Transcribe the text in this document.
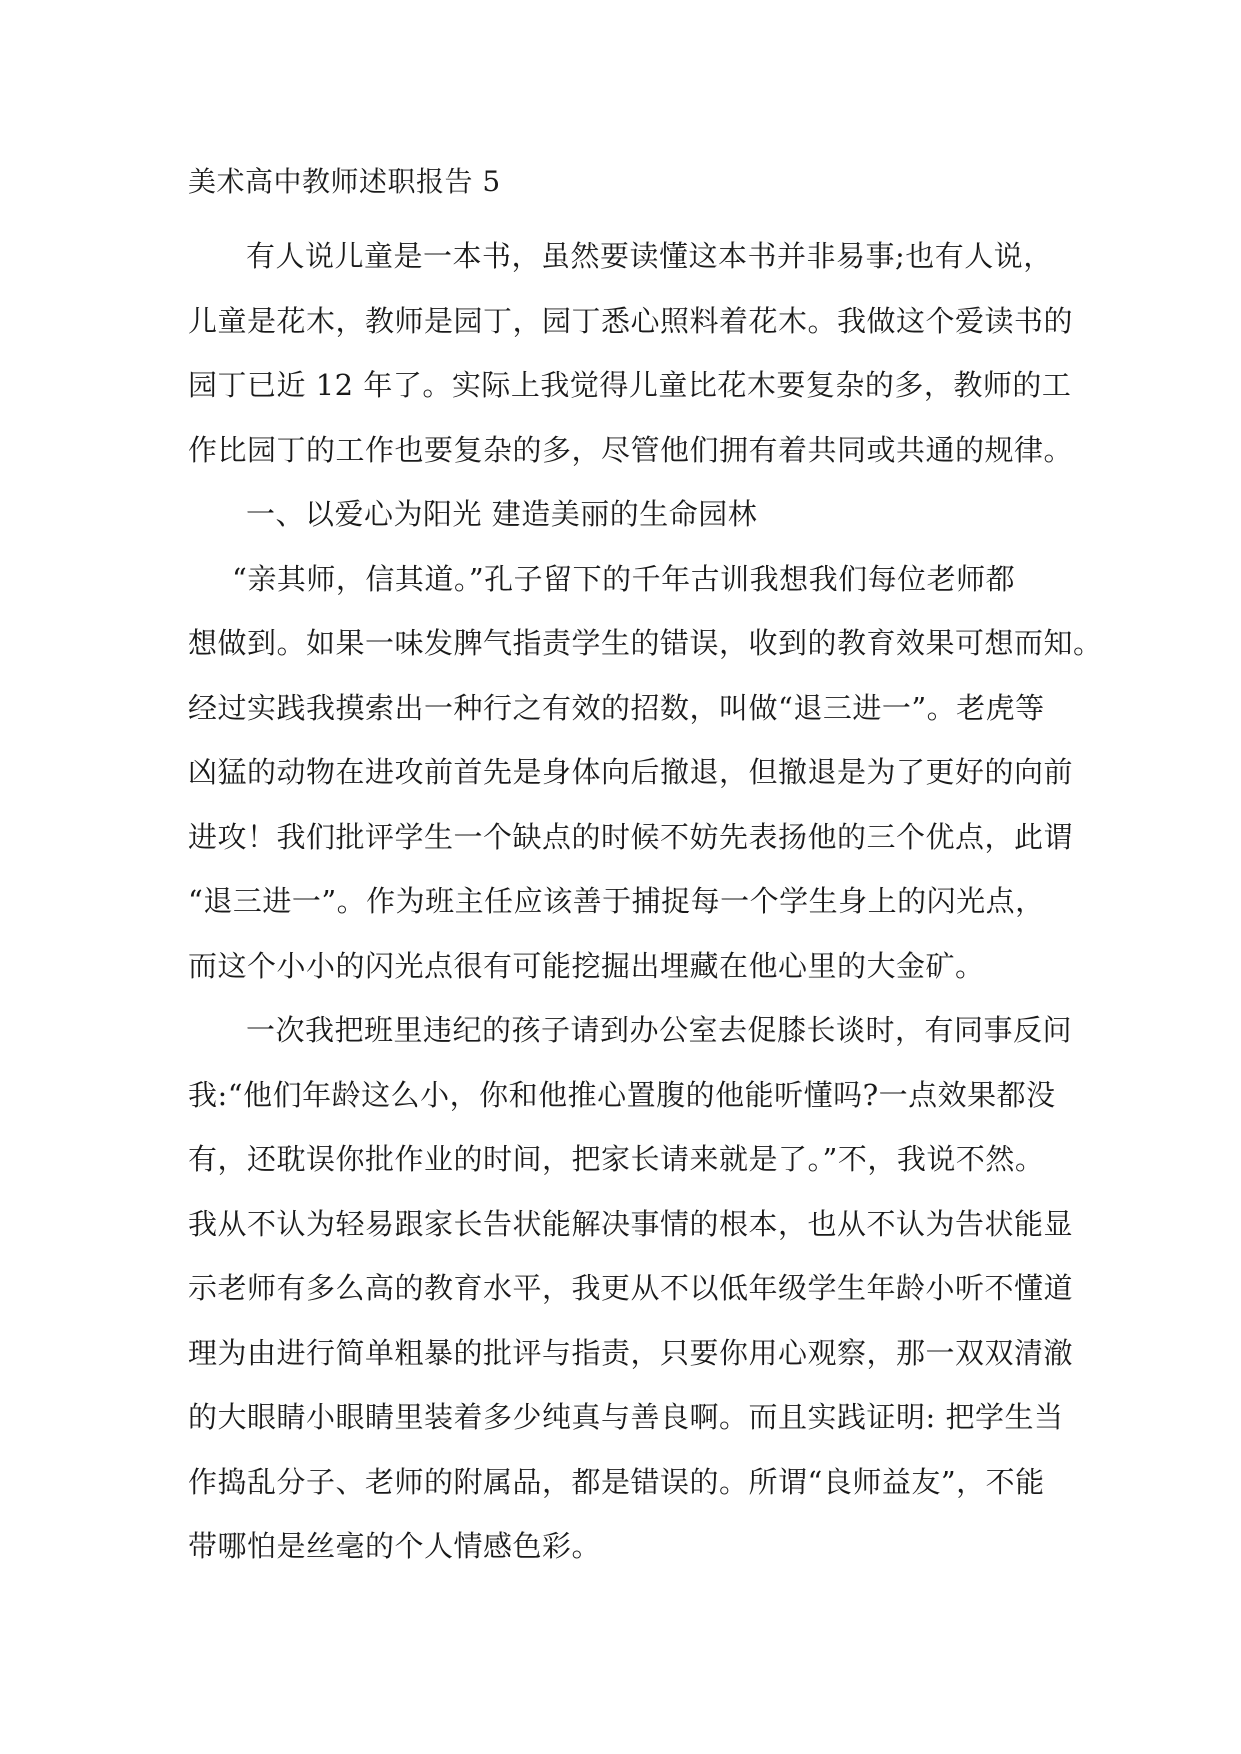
美术高中教师述职报告 5

有人说儿童是一本书，虽然要读懂这本书并非易事;也有人说，

儿童是花木，教师是园丁，园丁悉心照料着花木。我做这个爱读书的

园丁已近 12 年了。实际上我觉得儿童比花木要复杂的多，教师的工

作比园丁的工作也要复杂的多，尽管他们拥有着共同或共通的规律。

一、以爱心为阳光 建造美丽的生命园林

“亲其师，信其道。”孔子留下的千年古训我想我们每位老师都

想做到。如果一味发脾气指责学生的错误，收到的教育效果可想而知。

经过实践我摸索出一种行之有效的招数，叫做“退三进一”。老虎等

凶猛的动物在进攻前首先是身体向后撤退，但撤退是为了更好的向前

进攻！我们批评学生一个缺点的时候不妨先表扬他的三个优点，此谓

“退三进一”。作为班主任应该善于捕捉每一个学生身上的闪光点，

而这个小小的闪光点很有可能挖掘出埋藏在他心里的大金矿。

一次我把班里违纪的孩子请到办公室去促膝长谈时，有同事反问

我:“他们年龄这么小，你和他推心置腹的他能听懂吗?一点效果都没

有，还耽误你批作业的时间，把家长请来就是了。”不，我说不然。

我从不认为轻易跟家长告状能解决事情的根本，也从不认为告状能显

示老师有多么高的教育水平，我更从不以低年级学生年龄小听不懂道

理为由进行简单粗暴的批评与指责，只要你用心观察，那一双双清澈

的大眼睛小眼睛里装着多少纯真与善良啊。而且实践证明: 把学生当

作捣乱分子、老师的附属品，都是错误的。所谓“良师益友”，不能

带哪怕是丝毫的个人情感色彩。
